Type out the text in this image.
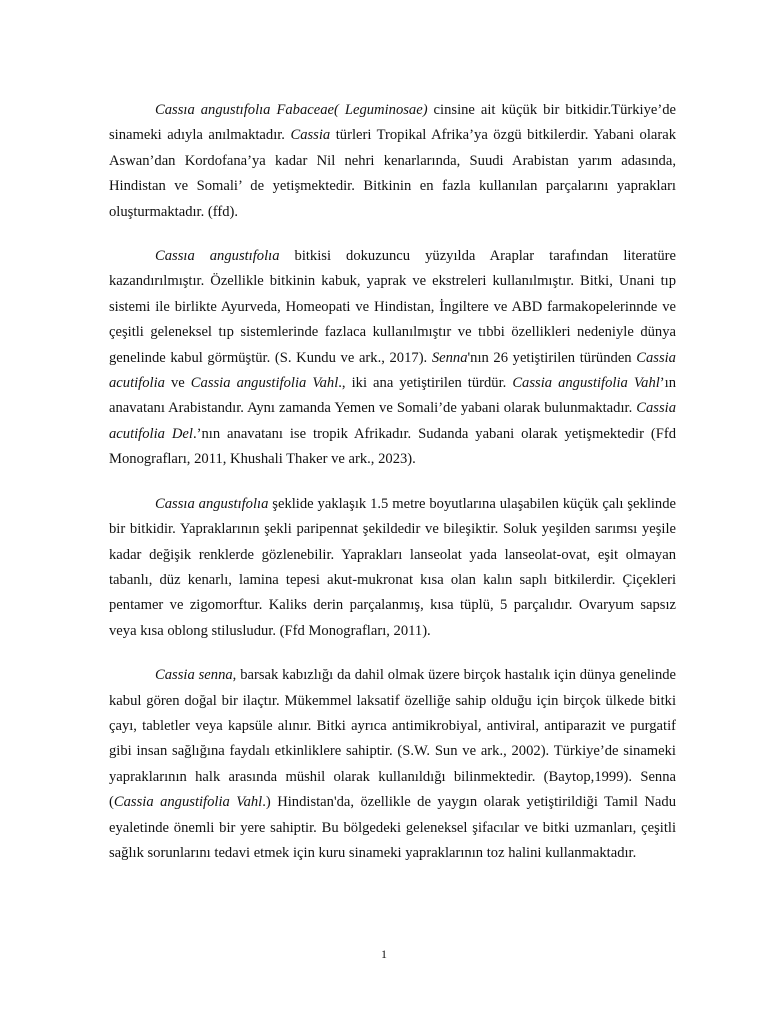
Cassıa angustıfolıa Fabaceae( Leguminosae) cinsine ait küçük bir bitkidir.Türkiye’de sinameki adıyla anılmaktadır. Cassia türleri Tropikal Afrika’ya özgü bitkilerdir. Yabani olarak Aswan’dan Kordofana’ya kadar Nil nehri kenarlarında, Suudi Arabistan yarım adasında, Hindistan ve Somali’ de yetişmektedir. Bitkinin en fazla kullanılan parçalarını yaprakları oluşturmaktadır. (ffd).

Cassıa angustıfolıa bitkisi dokuzuncu yüzyılda Araplar tarafından literatüre kazandırılmıştır. Özellikle bitkinin kabuk, yaprak ve ekstreleri kullanılmıştır. Bitki, Unani tıp sistemi ile birlikte Ayurveda, Homeopati ve Hindistan, İngiltere ve ABD farmakopelerinnde ve çeşitli geleneksel tıp sistemlerinde fazlaca kullanılmıştır ve tıbbi özellikleri nedeniyle dünya genelinde kabul görmüştür. (S. Kundu ve ark., 2017). Senna'nın 26 yetiştirilen türünden Cassia acutifolia ve Cassia angustifolia Vahl., iki ana yetiştirilen türdür. Cassia angustifolia Vahl’ın anavatanı Arabistandır. Aynı zamanda Yemen ve Somali’de yabani olarak bulunmaktadır. Cassia acutifolia Del.’nın anavatanı ise tropik Afrikadır. Sudanda yabani olarak yetişmektedir (Ffd Monografları, 2011, Khushali Thaker ve ark., 2023).

Cassıa angustıfolıa şeklide yaklaşık 1.5 metre boyutlarına ulaşabilen küçük çalı şeklinde bir bitkidir. Yapraklarının şekli paripennat şekildedir ve bileşiktir. Soluk yeşilden sarımsı yeşile kadar değişik renklerde gözlenebilir. Yaprakları lanseolat yada lanseolat-ovat, eşit olmayan tabanlı, düz kenarlı, lamina tepesi akut-mukronat kısa olan kalın saplı bitkilerdir. Çiçekleri pentamer ve zigomorftur. Kaliks derin parçalanmış, kısa tüplü, 5 parçalıdır. Ovaryum sapsız veya kısa oblong stilusludur. (Ffd Monografları, 2011).

Cassia senna, barsak kabızlığı da dahil olmak üzere birçok hastalık için dünya genelinde kabul gören doğal bir ilaçtır. Mükemmel laksatif özelliğe sahip olduğu için birçok ülkede bitki çayı, tabletler veya kapsüle alınır. Bitki ayrıca antimikrobiyal, antiviral, antiparazit ve purgatif gibi insan sağlığına faydalı etkinliklere sahiptir. (S.W. Sun ve ark., 2002). Türkiye’de sinameki yapraklarının halk arasında müshil olarak kullanıldığı bilinmektedir. (Baytop,1999). Senna (Cassia angustifolia Vahl.) Hindistan'da, özellikle de yaygın olarak yetiştirildiği Tamil Nadu eyaletinde önemli bir yere sahiptir. Bu bölgedeki geleneksel şifacılar ve bitki uzmanları, çeşitli sağlık sorunlarını tedavi etmek için kuru sinameki yapraklarının toz halini kullanmaktadır.

1
